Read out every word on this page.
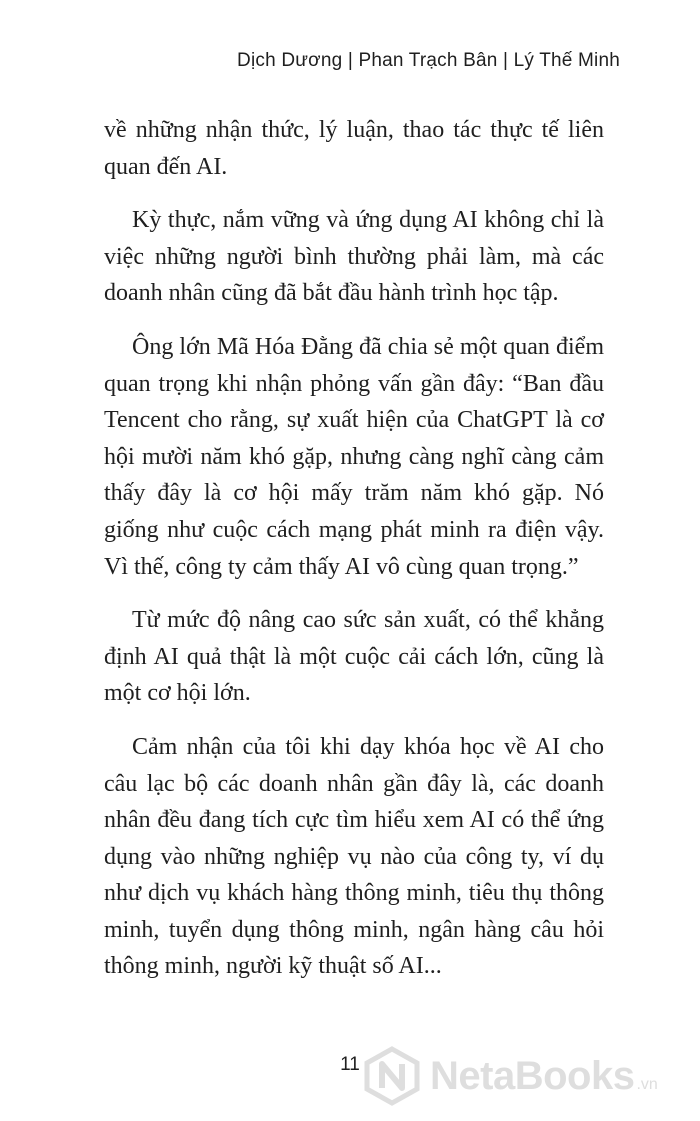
Dịch Dương | Phan Trạch Bân | Lý Thế Minh

về những nhận thức, lý luận, thao tác thực tế liên quan đến AI.

Kỳ thực, nắm vững và ứng dụng AI không chỉ là việc những người bình thường phải làm, mà các doanh nhân cũng đã bắt đầu hành trình học tập.

Ông lớn Mã Hóa Đằng đã chia sẻ một quan điểm quan trọng khi nhận phỏng vấn gần đây: “Ban đầu Tencent cho rằng, sự xuất hiện của ChatGPT là cơ hội mười năm khó gặp, nhưng càng nghĩ càng cảm thấy đây là cơ hội mấy trăm năm khó gặp. Nó giống như cuộc cách mạng phát minh ra điện vậy. Vì thế, công ty cảm thấy AI vô cùng quan trọng.”

Từ mức độ nâng cao sức sản xuất, có thể khẳng định AI quả thật là một cuộc cải cách lớn, cũng là một cơ hội lớn.

Cảm nhận của tôi khi dạy khóa học về AI cho câu lạc bộ các doanh nhân gần đây là, các doanh nhân đều đang tích cực tìm hiểu xem AI có thể ứng dụng vào những nghiệp vụ nào của công ty, ví dụ như dịch vụ khách hàng thông minh, tiêu thụ thông minh, tuyển dụng thông minh, ngân hàng câu hỏi thông minh, người kỹ thuật số AI...

11	NetaBooks .vn
